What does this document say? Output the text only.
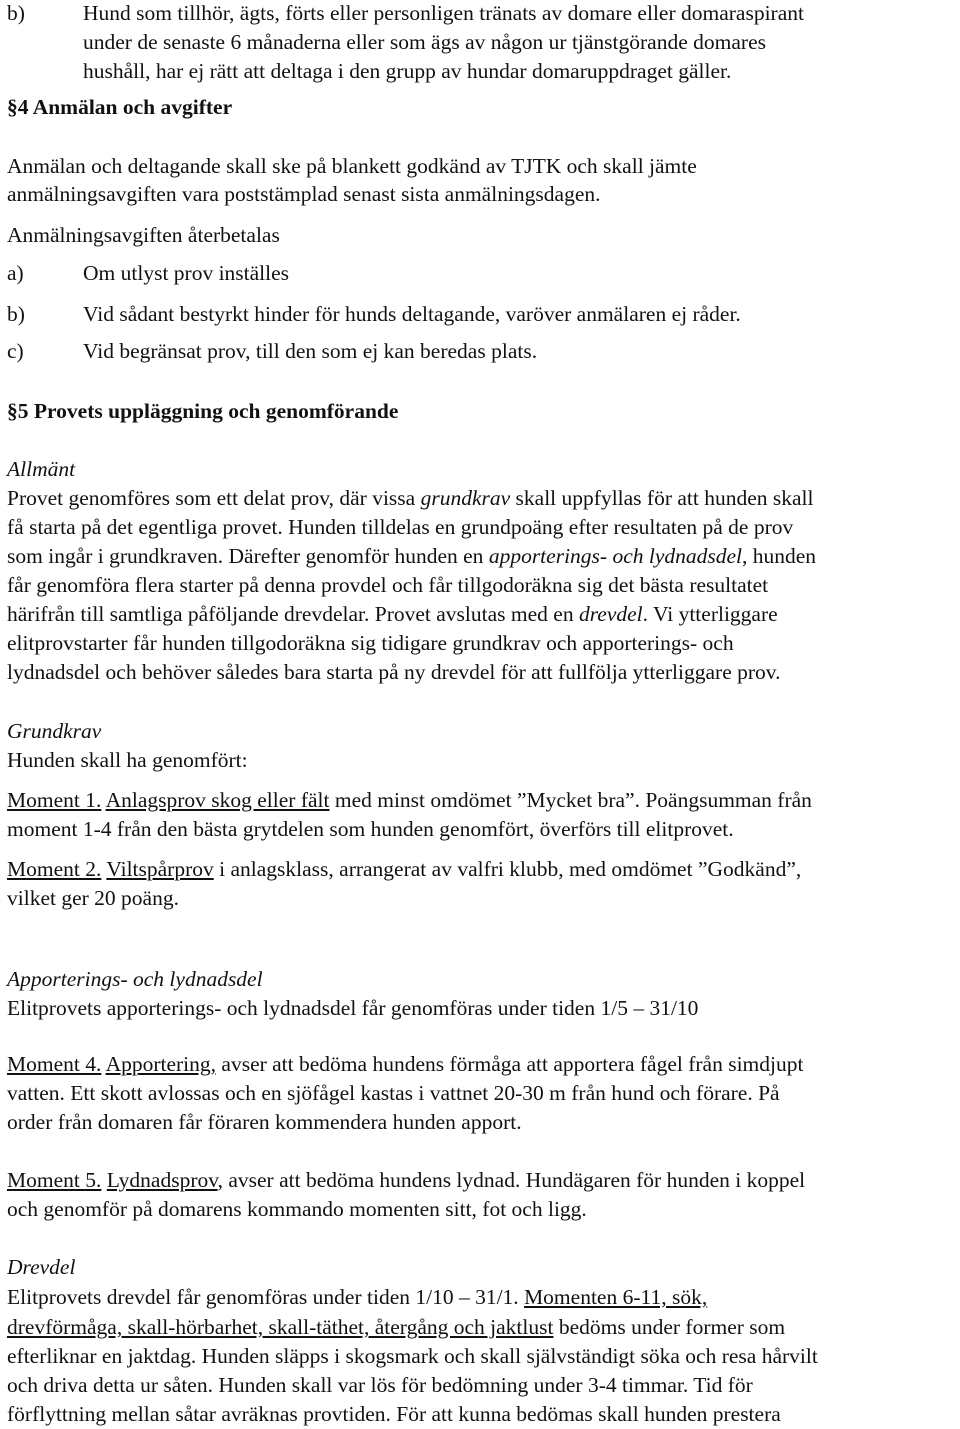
b)	Hund som tillhör, ägts, förts eller personligen tränats av domare eller domaraspirant
under de senaste 6 månaderna eller som ägs av någon ur tjänstgörande domares
hushåll, har ej rätt att deltaga i den grupp av hundar domaruppdraget gäller.
§4 Anmälan och avgifter
Anmälan och deltagande skall ske på blankett godkänd av TJTK och skall jämte
anmälningsavgiften vara poststämplad senast sista anmälningsdagen.
Anmälningsavgiften återbetalas
a)	Om utlyst prov inställes
b)	Vid sådant bestyrkt hinder för hunds deltagande, varöver anmälaren ej råder.
c)	Vid begränsat prov, till den som ej kan beredas plats.
§5 Provets uppläggning och genomförande
Allmänt
Provet genomföres som ett delat prov, där vissa grundkrav skall uppfyllas för att hunden skall
få starta på det egentliga provet. Hunden tilldelas en grundpoäng efter resultaten på de prov
som ingår i grundkraven. Därefter genomför hunden en apporterings- och lydnadsdel, hunden
får genomföra flera starter på denna provdel och får tillgodoräkna sig det bästa resultatet
härifrån till samtliga påföljande drevdelar. Provet avslutas med en drevdel. Vi ytterliggare
elitprovstarter får hunden tillgodoräkna sig tidigare grundkrav och apporterings- och
lydnadsdel och behöver således bara starta på ny drevdel för att fullfölja ytterliggare prov.
Grundkrav
Hunden skall ha genomfört:
Moment 1. Anlagsprov skog eller fält med minst omdömet ”Mycket bra”. Poängsumman från
moment 1-4 från den bästa grytdelen som hunden genomfört, överförs till elitprovet.
Moment 2. Viltspårprov i anlagsklass, arrangerat av valfri klubb, med omdömet ”Godkänd”,
vilket ger 20 poäng.
Apporterings- och lydnadsdel
Elitprovets apporterings- och lydnadsdel får genomföras under tiden 1/5 – 31/10
Moment 4. Apportering, avser att bedöma hundens förmåga att apportera fågel från simdjupt
vatten. Ett skott avlossas och en sjöfågel kastas i vattnet 20-30 m från hund och förare. På
order från domaren får föraren kommendera hunden apport.
Moment 5. Lydnadsprov, avser att bedöma hundens lydnad. Hundägaren för hunden i koppel
och genomför på domarens kommando momenten sitt, fot och ligg.
Drevdel
Elitprovets drevdel får genomföras under tiden 1/10 – 31/1. Momenten 6-11, sök,
drevförmåga, skall-hörbarhet, skall-täthet, återgång och jaktlust bedöms under former som
efterliknar en jaktdag. Hunden släpps i skogsmark och skall självständigt söka och resa hårvilt
och driva detta ur såten. Hunden skall var lös för bedömning under 3-4 timmar. Tid för
förflyttning mellan såtar avräknas provtiden. För att kunna bedömas skall hunden prestera
